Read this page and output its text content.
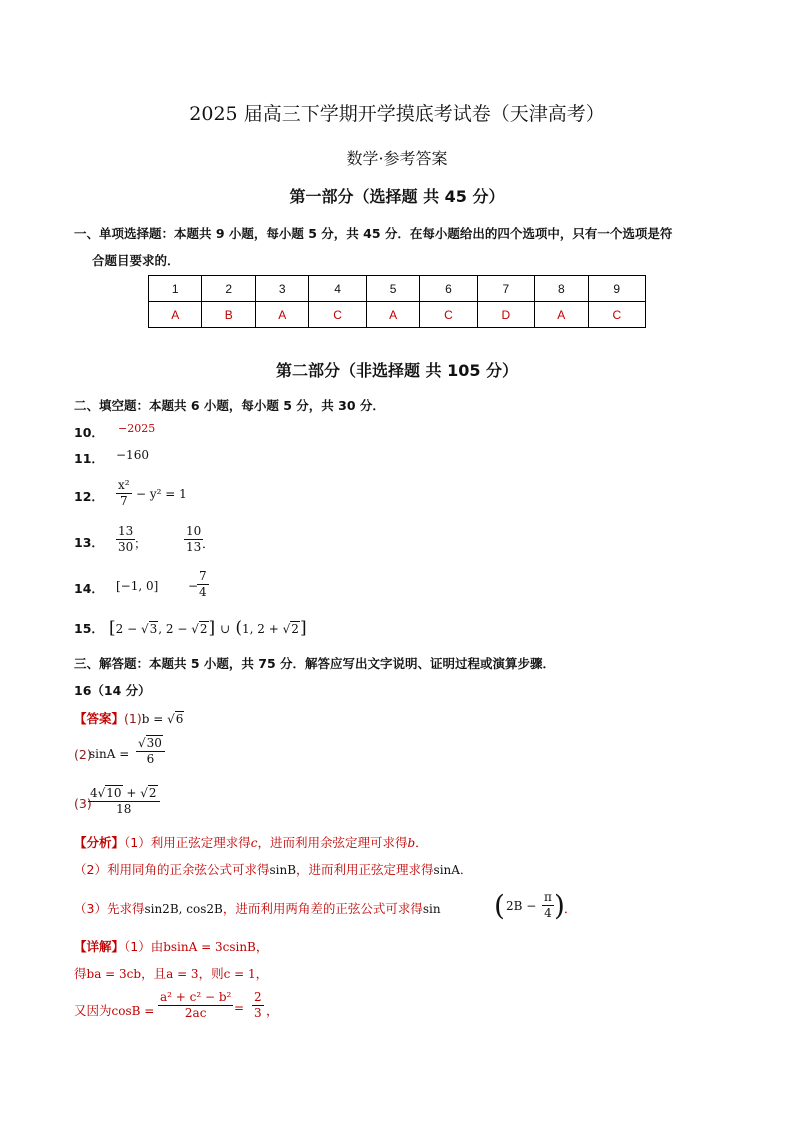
2025 届高三下学期开学摸底考试卷（天津高考）
数学·参考答案
第一部分（选择题 共 45 分）
一、单项选择题：本题共 9 小题，每小题 5 分，共 45 分．在每小题给出的四个选项中，只有一个选项是符
合题目要求的．
1	2	3	4	5	6	7	8	9
A	B	A	C	A	C	D	A	C
第二部分（非选择题 共 105 分）
二、填空题：本题共 6 小题，每小题 5 分，共 30 分．
10． −2025
11． −160
12． $\frac{\text{x²}}{7} - y^2 = 1$
13． $\frac{13}{30}$
；	$\frac{10}{13}$
．
14． [−1, 0] −
$\frac{7}{4}$
15． [2 − √3, 2 − √2] ∪ (1, 2 + √2]
三、解答题：本题共 5 小题，共 75 分．解答应写出文字说明、证明过程或演算步骤．
16（14 分）
【答案】(1)b = √6
(2)
$\sin A = \frac{√30}{6}$
(3)
$\frac{4√10 + √2}{18}$
【分析】（1）利用正弦定理求得c，进而利用余弦定理可求得b．
（2）利用同角的正余弦公式可求得sinB，进而利用正弦定理求得sinA．
（3）先求得sin2B, cos2B，进而利用两角差的正弦公式可求得sin ( $2B - \frac{\pi}{4}$ ) ．
【详解】（1）由bsinA = 3csinB，
得ba = 3cb，且a = 3，则c = 1，
又因为$\cos B = \frac{\text{a² + c² − b²}}{2ac} = \frac{2}{3}$ ，
